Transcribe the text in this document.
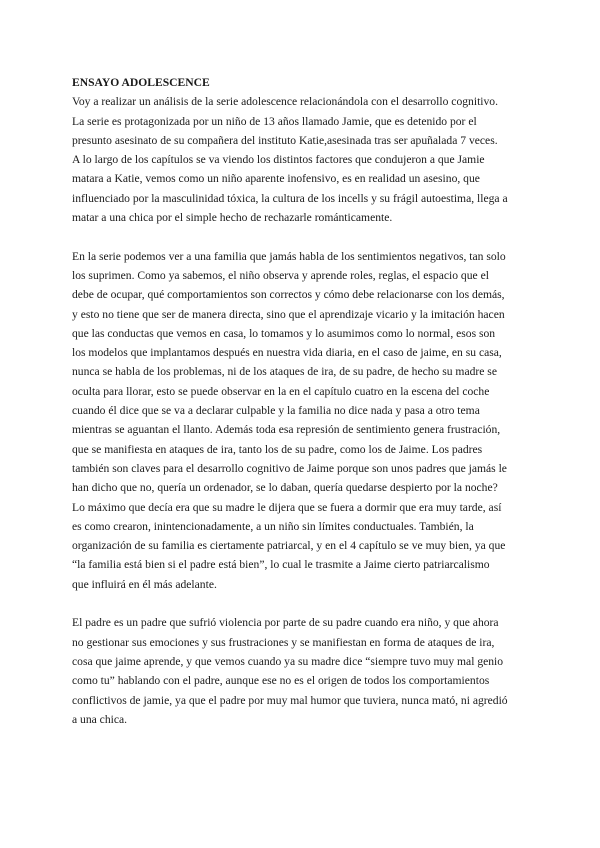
ENSAYO ADOLESCENCE

Voy a realizar un análisis de la serie adolescence relacionándola con el desarrollo cognitivo.
La serie es protagonizada por un niño de 13 años llamado Jamie, que es detenido por el
presunto asesinato de su compañera del instituto Katie,asesinada tras ser apuñalada 7 veces.
A lo largo de los capítulos se va viendo los distintos factores que condujeron a que Jamie
matara a Katie, vemos como un niño aparente inofensivo, es en realidad un asesino, que
influenciado por la masculinidad tóxica, la cultura de los incells y su frágil autoestima, llega a
matar a una chica por el simple hecho de rechazarle románticamente.
En la serie podemos ver a una familia que jamás habla de los sentimientos negativos, tan solo
los suprimen. Como ya sabemos, el niño observa y aprende roles, reglas, el espacio que el
debe de ocupar, qué comportamientos son correctos y cómo debe relacionarse con los demás,
y esto no tiene que ser de manera directa, sino que el aprendizaje vicario y la imitación hacen
que las conductas que vemos en casa, lo tomamos y lo asumimos como lo normal, esos son
los modelos que implantamos después en nuestra vida diaria, en el caso de jaime, en su casa,
nunca se habla de los problemas, ni de los ataques de ira, de su padre, de hecho su madre se
oculta para llorar, esto se puede observar en la en el capítulo cuatro en la escena del coche
cuando él dice que se va a declarar culpable y la familia no dice nada y pasa a otro tema
mientras se aguantan el llanto. Además toda esa represión de sentimiento genera frustración,
que se manifiesta en ataques de ira, tanto los de su padre, como los de Jaime. Los padres
también son claves para el desarrollo cognitivo de Jaime porque son unos padres que jamás le
han dicho que no, quería un ordenador, se lo daban, quería quedarse despierto por la noche?
Lo máximo que decía era que su madre le dijera que se fuera a dormir que era muy tarde, así
es como crearon, inintencionadamente, a un niño sin límites conductuales. También, la
organización de su familia es ciertamente patriarcal, y en el 4 capítulo se ve muy bien, ya que
“la familia está bien si el padre está bien”, lo cual le trasmite a Jaime cierto patriarcalismo
que influirá en él más adelante.
El padre es un padre que sufrió violencia por parte de su padre cuando era niño, y que ahora
no gestionar sus emociones y sus frustraciones y se manifiestan en forma de ataques de ira,
cosa que jaime aprende, y que vemos cuando ya su madre dice “siempre tuvo muy mal genio
como tu” hablando con el padre, aunque ese no es el origen de todos los comportamientos
conflictivos de jamie, ya que el padre por muy mal humor que tuviera, nunca mató, ni agredió
a una chica.
